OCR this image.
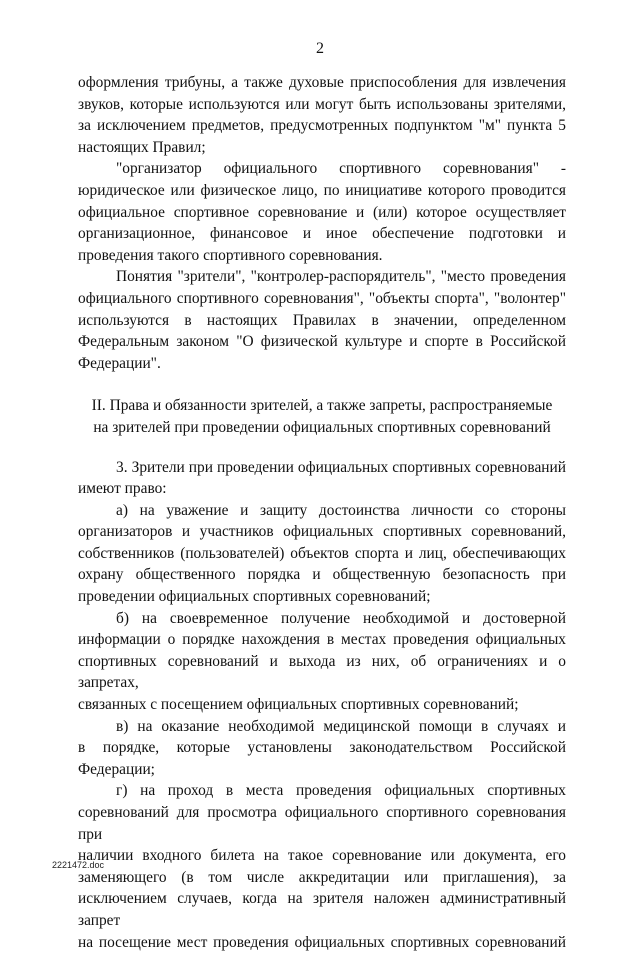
2
оформления трибуны, а также духовые приспособления для извлечения
звуков, которые используются или могут быть использованы зрителями,
за исключением предметов, предусмотренных подпунктом "м" пункта 5
настоящих Правил;
"организатор официального спортивного соревнования" -
юридическое или физическое лицо, по инициативе которого проводится
официальное спортивное соревнование и (или) которое осуществляет
организационное, финансовое и иное обеспечение подготовки и
проведения такого спортивного соревнования.
Понятия "зрители", "контролер-распорядитель", "место проведения
официального спортивного соревнования", "объекты спорта", "волонтер"
используются в настоящих Правилах в значении, определенном
Федеральным законом "О физической культуре и спорте в Российской
Федерации".
II. Права и обязанности зрителей, а также запреты, распространяемые
на зрителей при проведении официальных спортивных соревнований
3. Зрители при проведении официальных спортивных соревнований
имеют право:
а) на уважение и защиту достоинства личности со стороны
организаторов и участников официальных спортивных соревнований,
собственников (пользователей) объектов спорта и лиц, обеспечивающих
охрану общественного порядка и общественную безопасность при
проведении официальных спортивных соревнований;
б) на своевременное получение необходимой и достоверной
информации о порядке нахождения в местах проведения официальных
спортивных соревнований и выхода из них, об ограничениях и о запретах,
связанных с посещением официальных спортивных соревнований;
в) на оказание необходимой медицинской помощи в случаях и
в порядке, которые установлены законодательством Российской
Федерации;
г) на проход в места проведения официальных спортивных
соревнований для просмотра официального спортивного соревнования при
наличии входного билета на такое соревнование или документа, его
заменяющего (в том числе аккредитации или приглашения), за
исключением случаев, когда на зрителя наложен административный запрет
на посещение мест проведения официальных спортивных соревнований
2221472.doc
